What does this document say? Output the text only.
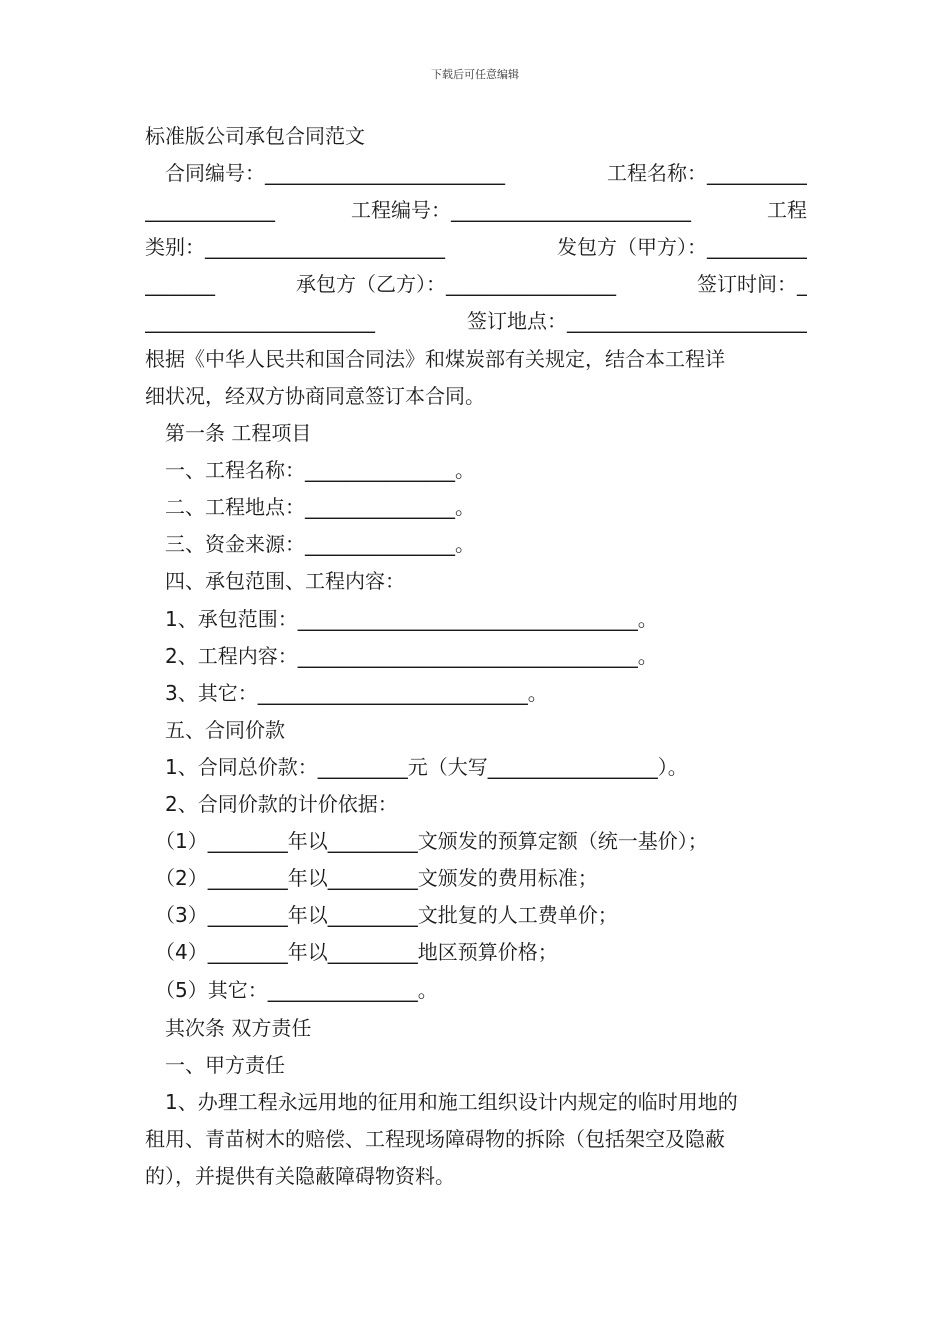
下载后可任意编辑
标准版公司承包合同范文
　合同编号：________________________	工程名称：__________
_____________	工程编号：________________________	工程
类别：________________________	发包方（甲方）：__________
_______	承包方（乙方）：_________________	签订时间：_
_______________________	签订地点：________________________
根据《中华人民共和国合同法》和煤炭部有关规定，结合本工程详
细状况，经双方协商同意签订本合同。
　第一条 工程项目
　一、工程名称：_______________。
　二、工程地点：_______________。
　三、资金来源：_______________。
　四、承包范围、工程内容：
　1、承包范围：__________________________________。
　2、工程内容：__________________________________。
　3、其它：___________________________。
　五、合同价款
　1、合同总价款：_________元（大写_________________）。
　2、合同价款的计价依据：
　（1）________年以_________文颁发的预算定额（统一基价）；
　（2）________年以_________文颁发的费用标准；
　（3）________年以_________文批复的人工费单价；
　（4）________年以_________地区预算价格；
　（5）其它：_______________。
　其次条 双方责任
　一、甲方责任
　1、办理工程永远用地的征用和施工组织设计内规定的临时用地的
租用、青苗树木的赔偿、工程现场障碍物的拆除（包括架空及隐蔽
的），并提供有关隐蔽障碍物资料。
